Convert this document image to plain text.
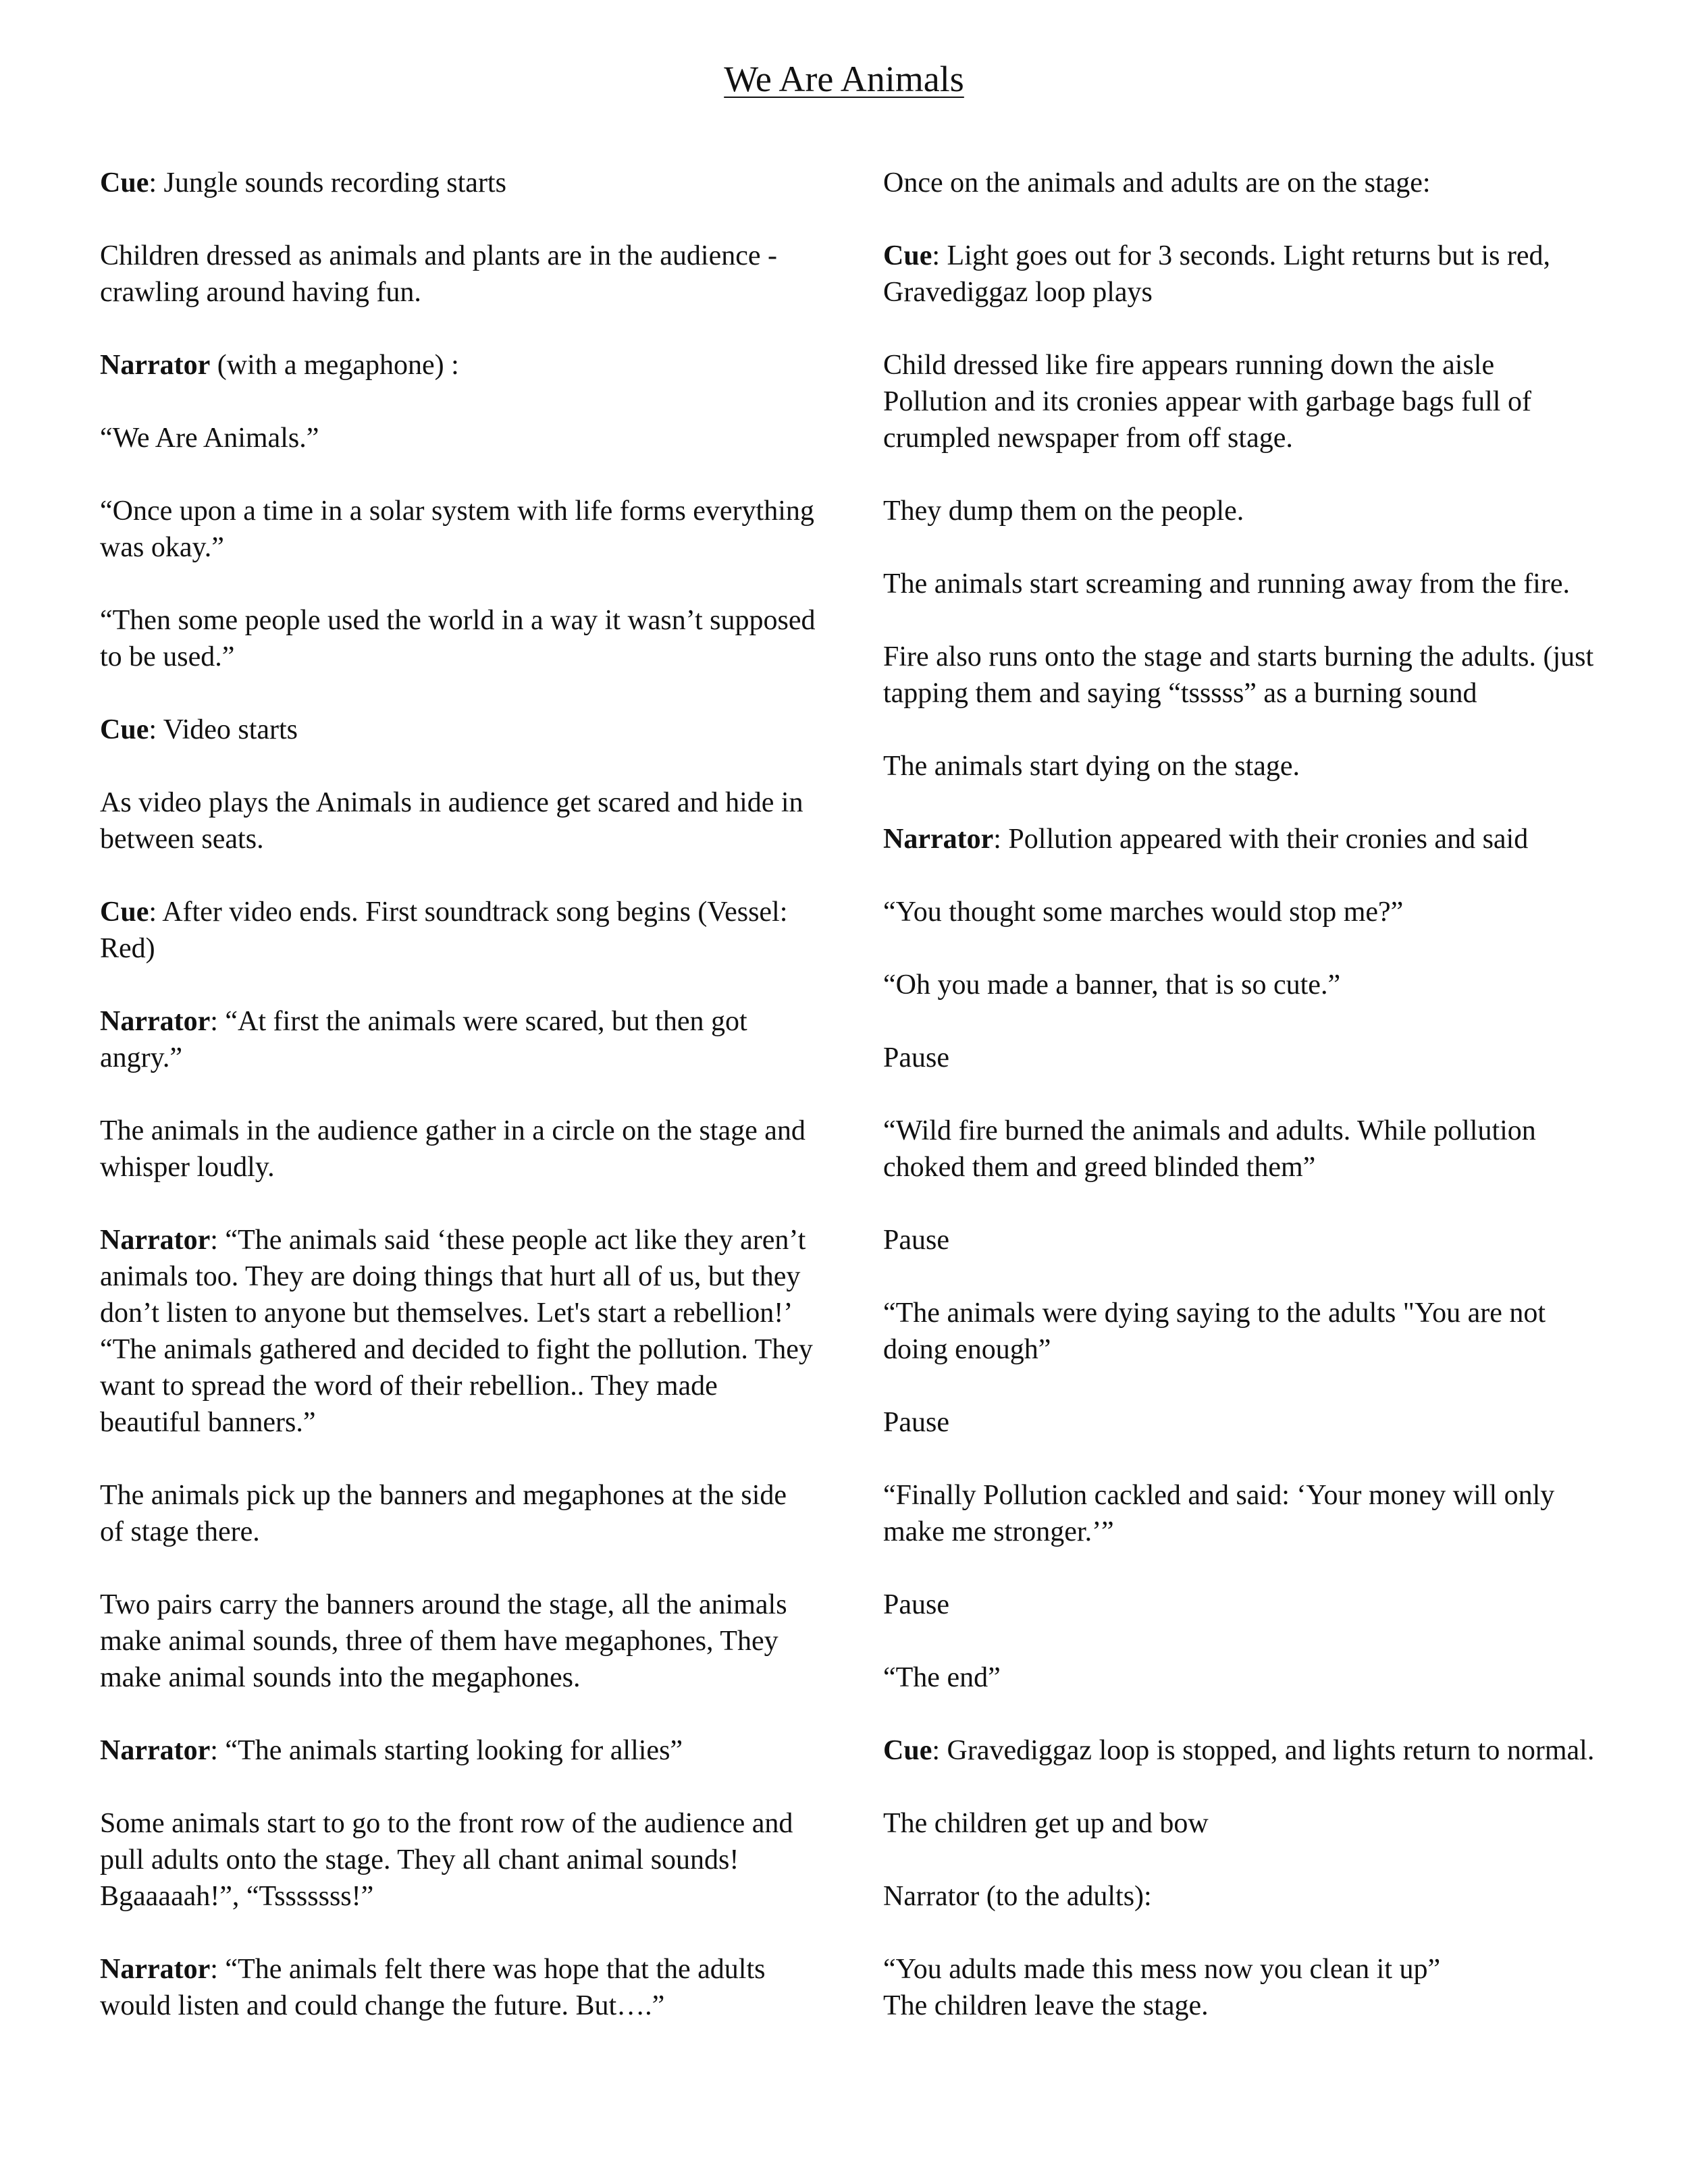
We Are Animals

Cue: Jungle sounds recording starts

Children dressed as animals and plants are in the audience - crawling around having fun.

Narrator (with a megaphone) :

“We Are Animals.”

“Once upon a time in a solar system with life forms everything was okay.”

“Then some people used the world in a way it wasn’t supposed to be used.”

Cue: Video starts

As video plays the Animals in audience get scared and hide in between seats.

Cue: After video ends. First soundtrack song begins (Vessel: Red)

Narrator: “At first the animals were scared, but then got angry.”

The animals in the audience gather in a circle on the stage and whisper loudly.

Narrator: “The animals said ‘these people act like they aren’t animals too. They are doing things that hurt all of us, but they don’t listen to anyone but themselves. Let's start a rebellion!’
“The animals gathered and decided to fight the pollution. They want to spread the word of their rebellion.. They made beautiful banners.”

The animals pick up the banners and megaphones at the side of stage there.

Two pairs carry the banners around the stage, all the animals make animal sounds, three of them have megaphones, They make animal sounds into the megaphones.

Narrator: “The animals starting looking for allies”

Some animals start to go to the front row of the audience and pull adults onto the stage. They all chant animal sounds! Bgaaaaah!”, “Tsssssss!”

Narrator: “The animals felt there was hope that the adults would listen and could change the future. But….”

Once on the animals and adults are on the stage:

Cue: Light goes out for 3 seconds. Light returns but is red, Gravediggaz loop plays

Child dressed like fire appears running down the aisle
Pollution and its cronies appear with garbage bags full of crumpled newspaper from off stage.

They dump them on the people.

The animals start screaming and running away from the fire.

Fire also runs onto the stage and starts burning the adults. (just tapping them and saying “tsssss” as a burning sound

The animals start dying on the stage.

Narrator: Pollution appeared with their cronies and said

“You thought some marches would stop me?”

“Oh you made a banner, that is so cute.”

Pause

“Wild fire burned the animals and adults. While pollution choked them and greed blinded them”

Pause

“The animals were dying saying to the adults "You are not doing enough”

Pause

“Finally Pollution cackled and said: ‘Your money will only make me stronger.’”

Pause

“The end”

Cue: Gravediggaz loop is stopped, and lights return to normal.

The children get up and bow

Narrator (to the adults):

“You adults made this mess now you clean it up”
The children leave the stage.
